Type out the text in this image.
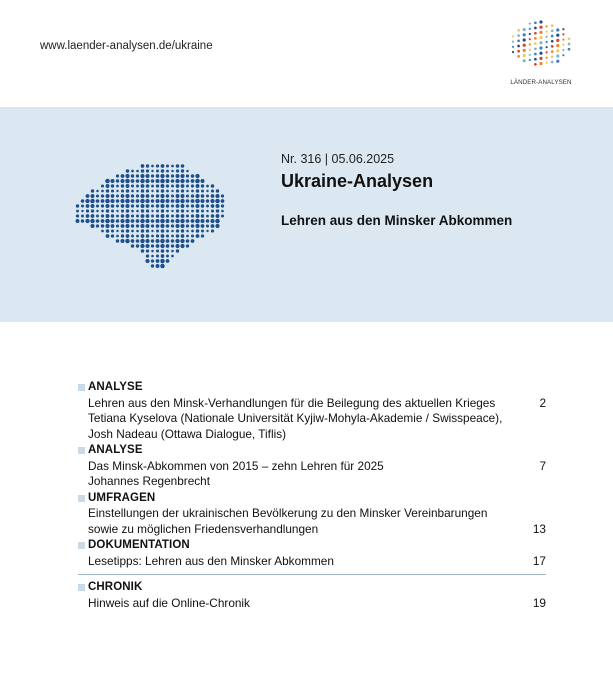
www.laender-analysen.de/ukraine
LÄNDER-ANALYSEN
Nr. 316 | 05.06.2025
Ukraine-Analysen
Lehren aus den Minsker Abkommen
ANALYSE
Lehren aus den Minsk-Verhandlungen für die Beilegung des aktuellen Krieges	2
Tetiana Kyselova (Nationale Universität Kyjiw-Mohyla-Akademie / Swisspeace),
Josh Nadeau (Ottawa Dialogue, Tiflis)
ANALYSE
Das Minsk-Abkommen von 2015 – zehn Lehren für 2025	7
Johannes Regenbrecht
UMFRAGEN
Einstellungen der ukrainischen Bevölkerung zu den Minsker Vereinbarungen
sowie zu möglichen Friedensverhandlungen	13
DOKUMENTATION
Lesetipps: Lehren aus den Minsker Abkommen	17
CHRONIK
Hinweis auf die Online-Chronik	19
